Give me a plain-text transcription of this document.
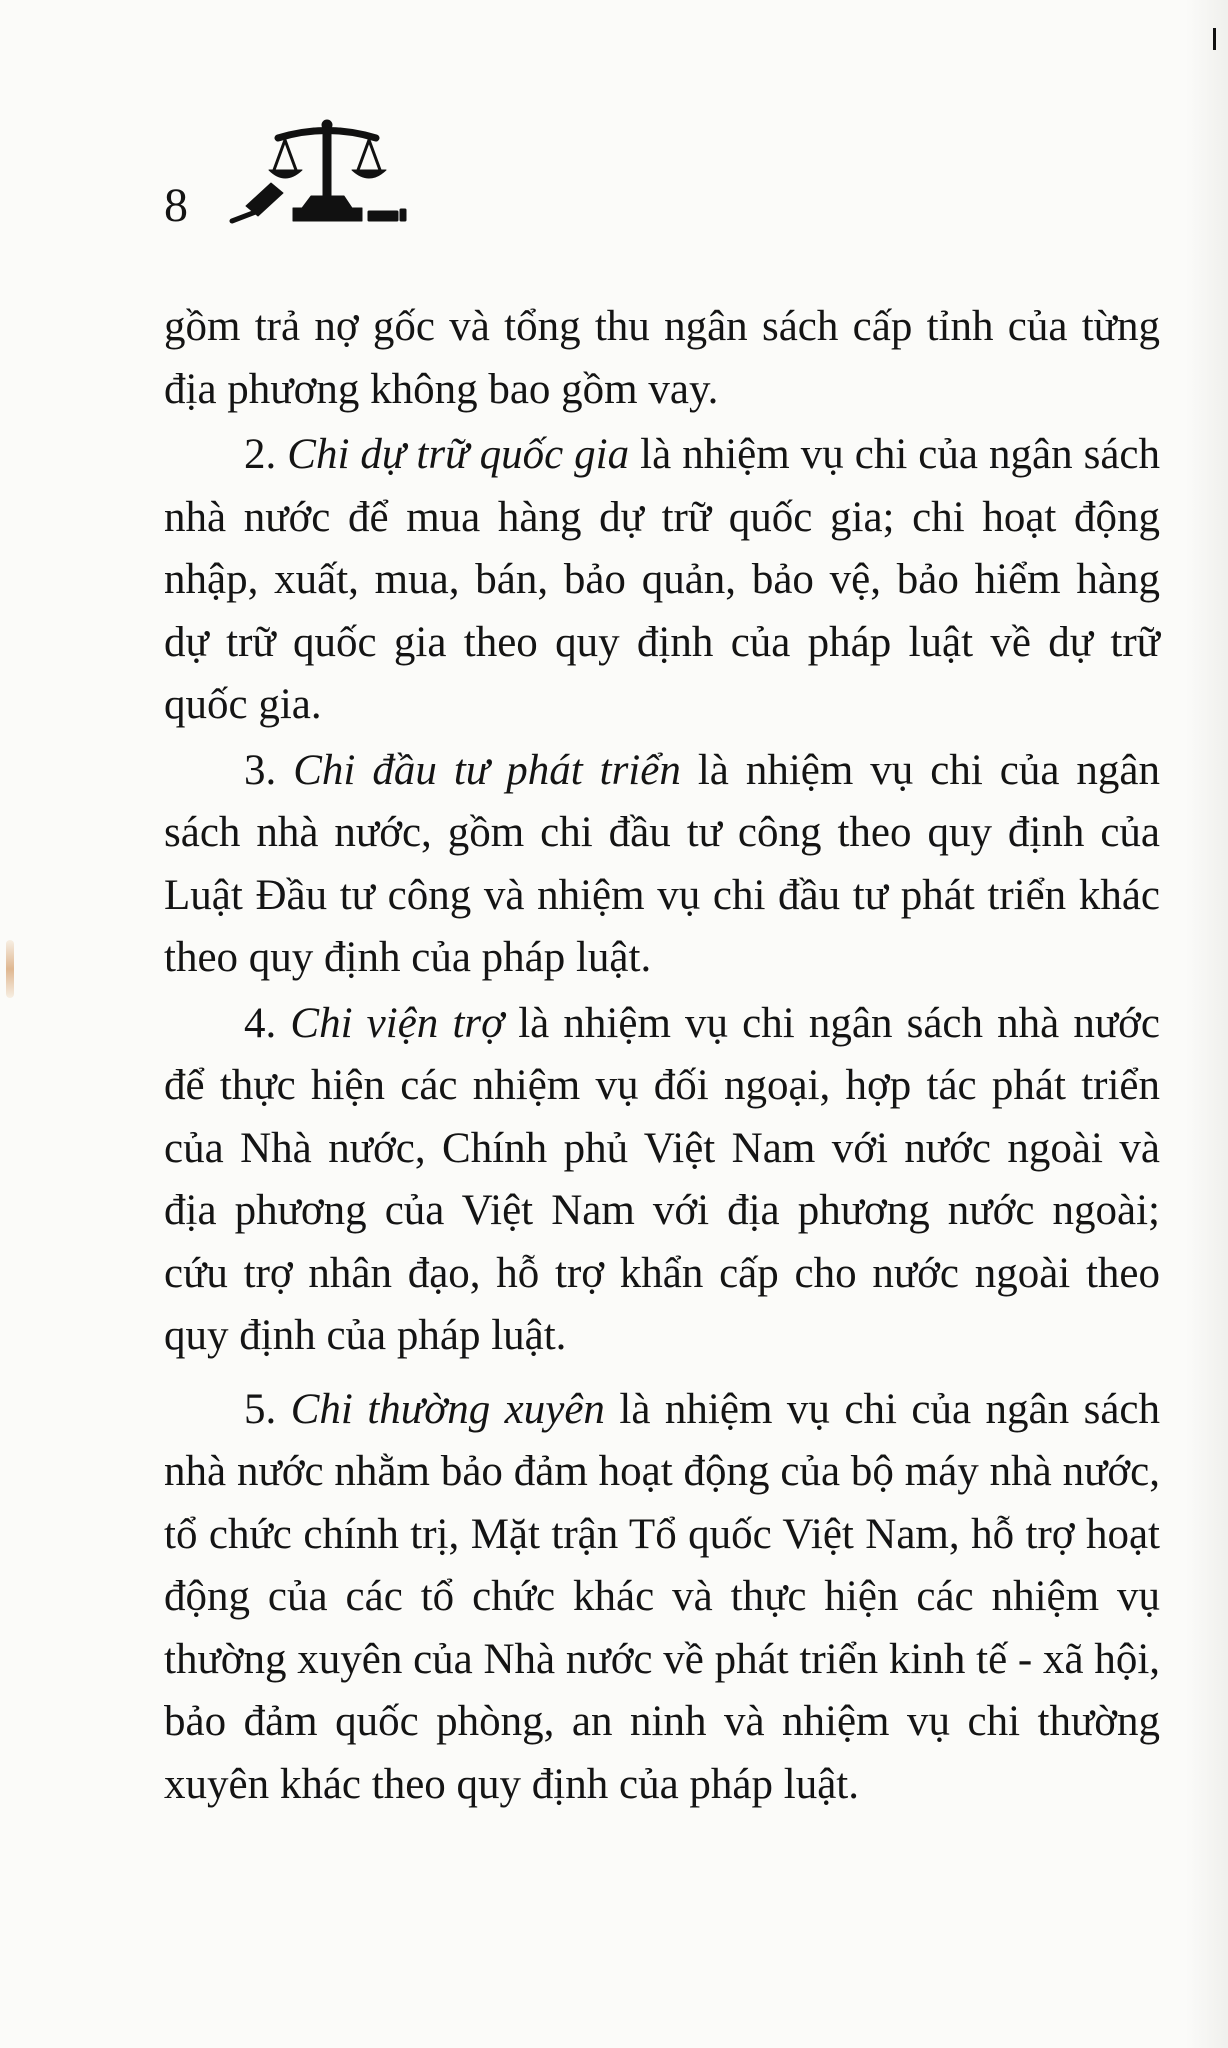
8

gồm trả nợ gốc và tổng thu ngân sách cấp tỉnh của từng địa phương không bao gồm vay.

2. Chi dự trữ quốc gia là nhiệm vụ chi của ngân sách nhà nước để mua hàng dự trữ quốc gia; chi hoạt động nhập, xuất, mua, bán, bảo quản, bảo vệ, bảo hiểm hàng dự trữ quốc gia theo quy định của pháp luật về dự trữ quốc gia.

3. Chi đầu tư phát triển là nhiệm vụ chi của ngân sách nhà nước, gồm chi đầu tư công theo quy định của Luật Đầu tư công và nhiệm vụ chi đầu tư phát triển khác theo quy định của pháp luật.

4. Chi viện trợ là nhiệm vụ chi ngân sách nhà nước để thực hiện các nhiệm vụ đối ngoại, hợp tác phát triển của Nhà nước, Chính phủ Việt Nam với nước ngoài và địa phương của Việt Nam với địa phương nước ngoài; cứu trợ nhân đạo, hỗ trợ khẩn cấp cho nước ngoài theo quy định của pháp luật.

5. Chi thường xuyên là nhiệm vụ chi của ngân sách nhà nước nhằm bảo đảm hoạt động của bộ máy nhà nước, tổ chức chính trị, Mặt trận Tổ quốc Việt Nam, hỗ trợ hoạt động của các tổ chức khác và thực hiện các nhiệm vụ thường xuyên của Nhà nước về phát triển kinh tế - xã hội, bảo đảm quốc phòng, an ninh và nhiệm vụ chi thường xuyên khác theo quy định của pháp luật.
